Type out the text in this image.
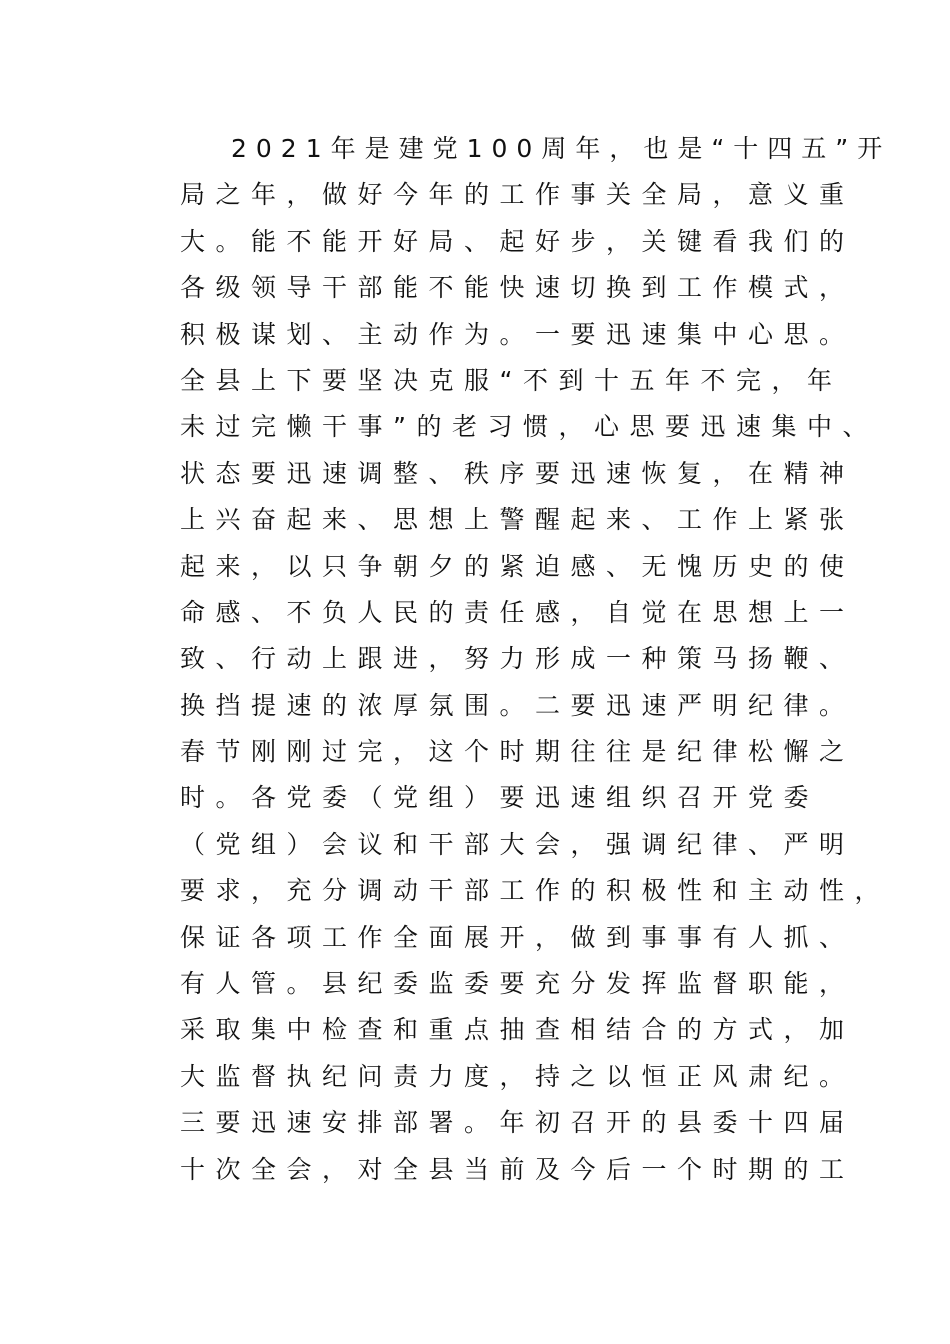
2021年是建党100周年，也是“十四五”开
局之年，做好今年的工作事关全局，意义重
大。能不能开好局、起好步，关键看我们的
各级领导干部能不能快速切换到工作模式，
积极谋划、主动作为。一要迅速集中心思。
全县上下要坚决克服“不到十五年不完，年
未过完懒干事”的老习惯，心思要迅速集中、
状态要迅速调整、秩序要迅速恢复，在精神
上兴奋起来、思想上警醒起来、工作上紧张
起来，以只争朝夕的紧迫感、无愧历史的使
命感、不负人民的责任感，自觉在思想上一
致、行动上跟进，努力形成一种策马扬鞭、
换挡提速的浓厚氛围。二要迅速严明纪律。
春节刚刚过完，这个时期往往是纪律松懈之
时。各党委（党组）要迅速组织召开党委
（党组）会议和干部大会，强调纪律、严明
要求，充分调动干部工作的积极性和主动性，
保证各项工作全面展开，做到事事有人抓、
有人管。县纪委监委要充分发挥监督职能，
采取集中检查和重点抽查相结合的方式，加
大监督执纪问责力度，持之以恒正风肃纪。
三要迅速安排部署。年初召开的县委十四届
十次全会，对全县当前及今后一个时期的工
